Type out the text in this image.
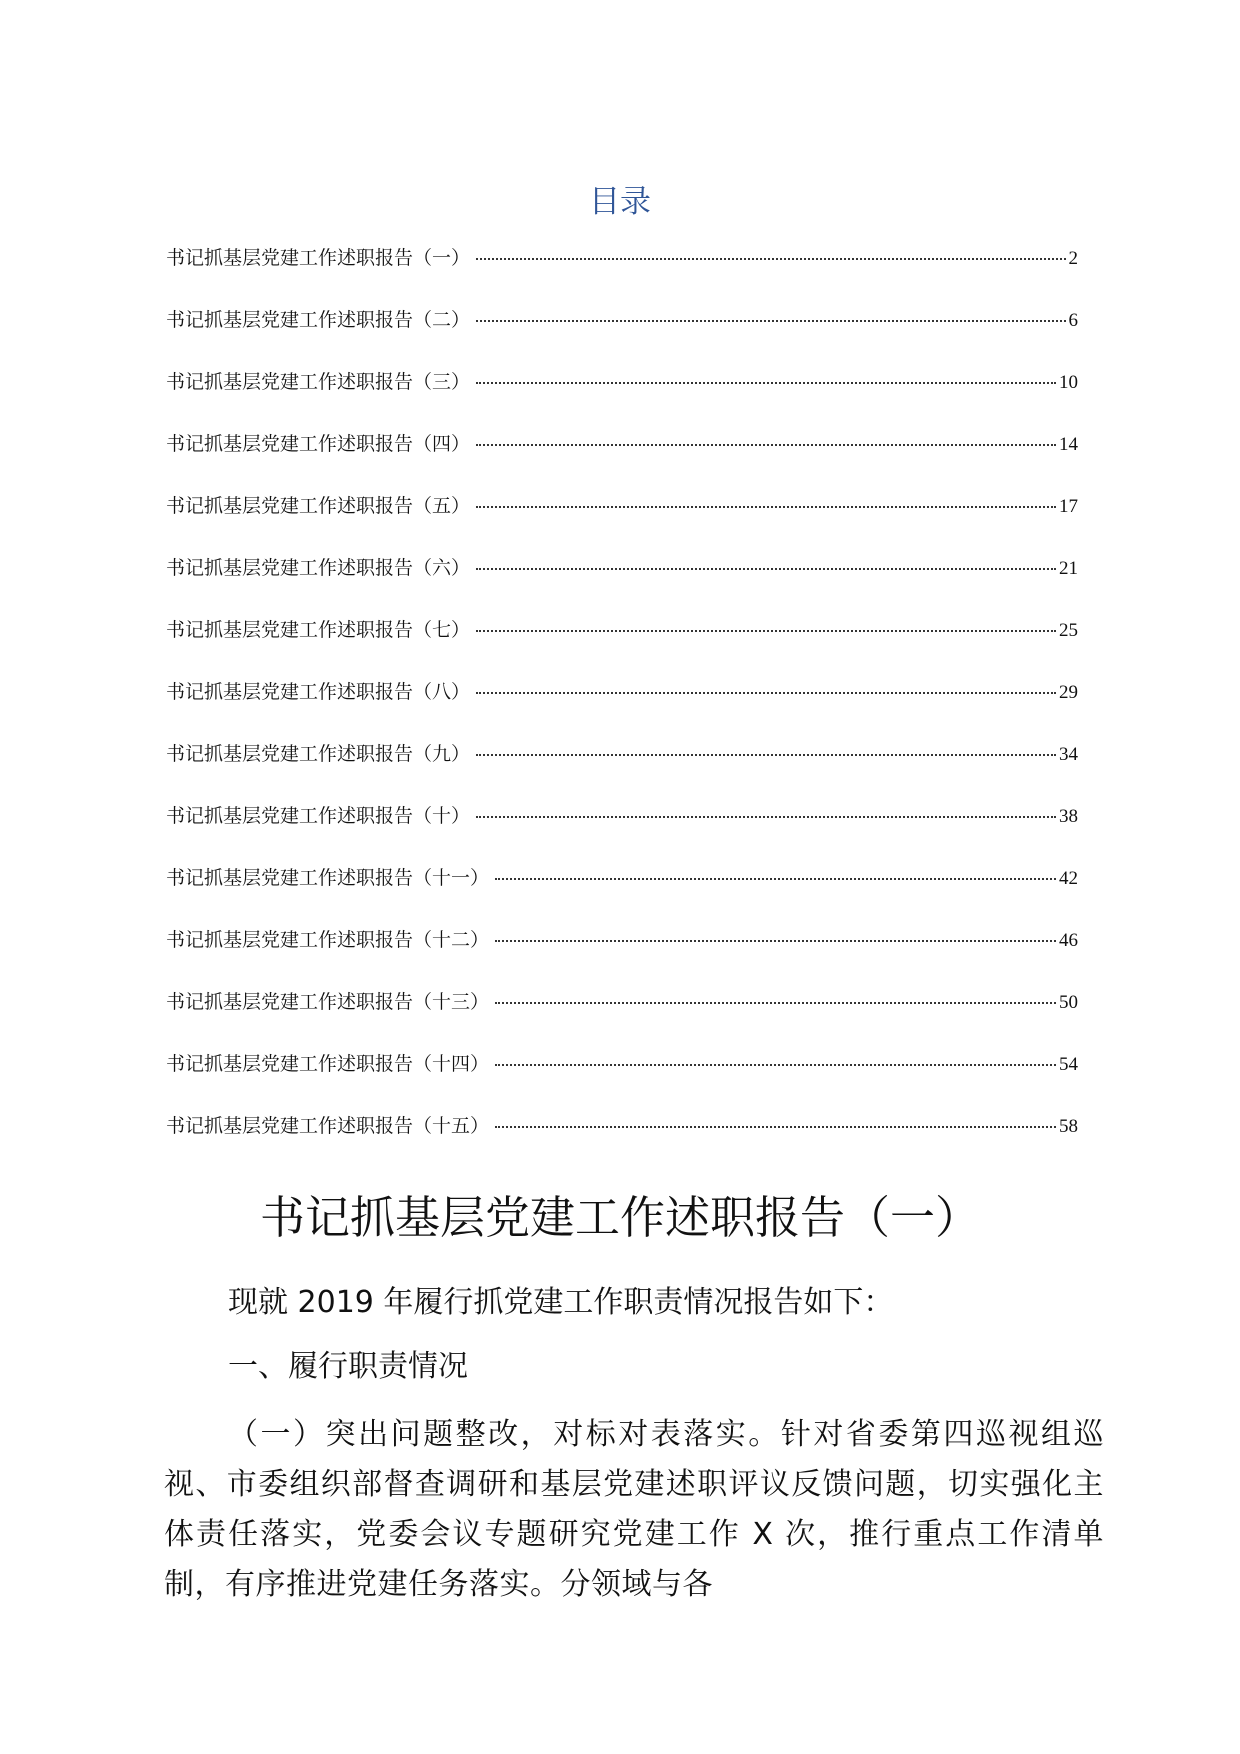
目录
书记抓基层党建工作述职报告（一）	2
书记抓基层党建工作述职报告（二）	6
书记抓基层党建工作述职报告（三）	10
书记抓基层党建工作述职报告（四）	14
书记抓基层党建工作述职报告（五）	17
书记抓基层党建工作述职报告（六）	21
书记抓基层党建工作述职报告（七）	25
书记抓基层党建工作述职报告（八）	29
书记抓基层党建工作述职报告（九）	34
书记抓基层党建工作述职报告（十）	38
书记抓基层党建工作述职报告（十一）	42
书记抓基层党建工作述职报告（十二）	46
书记抓基层党建工作述职报告（十三）	50
书记抓基层党建工作述职报告（十四）	54
书记抓基层党建工作述职报告（十五）	58
书记抓基层党建工作述职报告（一）

现就 2019 年履行抓党建工作职责情况报告如下：

一、履行职责情况

（一）突出问题整改，对标对表落实。针对省委第四巡视组巡视、市委组织部督查调研和基层党建述职评议反馈问题，切实强化主体责任落实，党委会议专题研究党建工作 X 次，推行重点工作清单制，有序推进党建任务落实。分领域与各
